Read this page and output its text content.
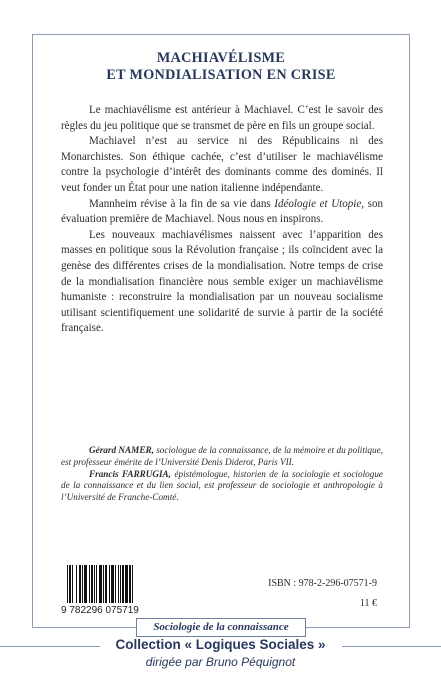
MACHIAVÉLISME
ET MONDIALISATION EN CRISE

Le machiavélisme est antérieur à Machiavel. C’est le savoir des règles du jeu politique que se transmet de père en fils un groupe social.

Machiavel n’est au service ni des Républicains ni des Monarchistes. Son éthique cachée, c’est d’utiliser le machiavélisme contre la psychologie d’intérêt des dominants comme des dominés. Il veut fonder un État pour une nation italienne indépendante.

Mannheim révise à la fin de sa vie dans Idéologie et Utopie, son évaluation première de Machiavel. Nous nous en inspirons.

Les nouveaux machiavélismes naissent avec l’apparition des masses en politique sous la Révolution française ; ils coïncident avec la genèse des différentes crises de la mondialisation. Notre temps de crise de la mondialisation financière nous semble exiger un machiavélisme humaniste : reconstruire la mondialisation par un nouveau socialisme utilisant scientifiquement une solidarité de survie à partir de la société française.

Gérard NAMER, sociologue de la connaissance, de la mémoire et du politique, est professeur émérite de l’Université Denis Diderot, Paris VII.

Francis FARRUGIA, épistémologue, historien de la sociologie et sociologue de la connaissance et du lien social, est professeur de sociologie et anthropologie à l’Université de Franche-Comté.

9 782296 075719
ISBN : 978-2-296-07571-9
11 €
Sociologie de la connaissance
Collection « Logiques Sociales »
dirigée par Bruno Péquignot
